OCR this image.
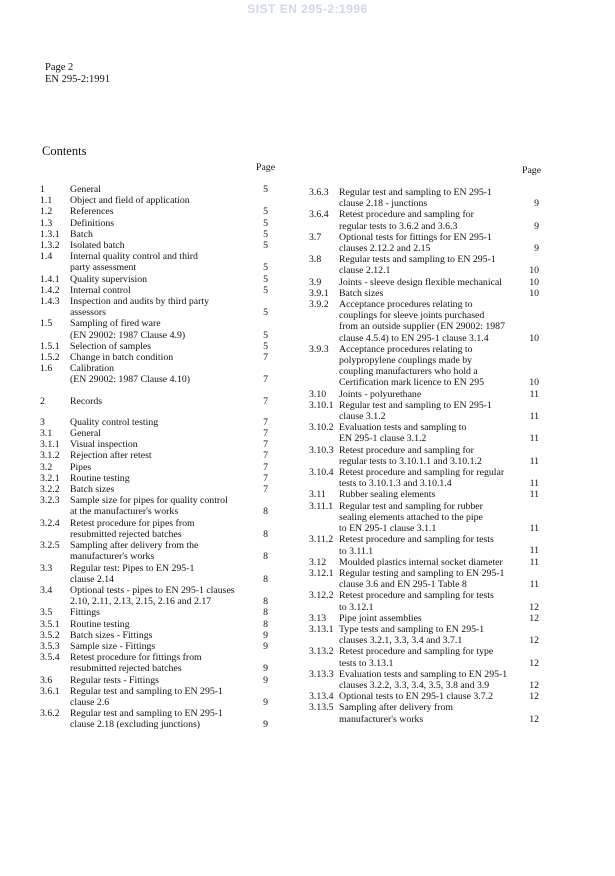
SIST EN 295-2:1996
Page 2
EN 295-2:1991
Contents
Page	Page
1	General	5
1.1	Object and field of application
1.2	References	5
1.3	Definitions	5
1.3.1	Batch	5
1.3.2	Isolated batch	5
1.4	Internal quality control and third
party assessment	5
1.4.1	Quality supervision	5
1.4.2	Internal control	5
1.4.3	Inspection and audits by third party
assessors	5
1.5	Sampling of fired ware
(EN 29002: 1987 Clause 4.9)	5
1.5.1	Selection of samples	5
1.5.2	Change in batch condition	7
1.6	Calibration
(EN 29002: 1987 Clause 4.10)	7
2	Records	7
3	Quality control testing	7
3.1	General	7
3.1.1	Visual inspection	7
3.1.2	Rejection after retest	7
3.2	Pipes	7
3.2.1	Routine testing	7
3.2.2	Batch sizes	7
3.2.3	Sample size for pipes for quality control
at the manufacturer's works	8
3.2.4	Retest procedure for pipes from
resubmitted rejected batches	8
3.2.5	Sampling after delivery from the
manufacturer's works	8
3.3	Regular test: Pipes to EN 295-1
clause 2.14	8
3.4	Optional tests - pipes to EN 295-1 clauses
2.10, 2.11, 2.13, 2.15, 2.16 and 2.17	8
3.5	Fittings	8
3.5.1	Routine testing	8
3.5.2	Batch sizes - Fittings	9
3.5.3	Sample size - Fittings	9
3.5.4	Retest procedure for fittings from
resubmitted rejected batches	9
3.6	Regular tests - Fittings	9
3.6.1	Regular test and sampling to EN 295-1
clause 2.6	9
3.6.2	Regular test and sampling to EN 295-1
clause 2.18 (excluding junctions)	9
3.6.3	Regular test and sampling to EN 295-1
clause 2.18 - junctions	9
3.6.4	Retest procedure and sampling for
regular tests to 3.6.2 and 3.6.3	9
3.7	Optional tests for fittings for EN 295-1
clauses 2.12.2 and 2.15	9
3.8	Regular tests and sampling to EN 295-1
clause 2.12.1	10
3.9	Joints - sleeve design flexible mechanical	10
3.9.1	Batch sizes	10
3.9.2	Acceptance procedures relating to
couplings for sleeve joints purchased
from an outside supplier (EN 29002: 1987
clause 4.5.4) to EN 295-1 clause 3.1.4	10
3.9.3	Acceptance procedures relating to
polypropylene couplings made by
coupling manufacturers who hold a
Certification mark licence to EN 295	10
3.10	Joints - polyurethane	11
3.10.1 Regular test and sampling to EN 295-1
clause 3.1.2	11
3.10.2 Evaluation tests and sampling to
EN 295-1 clause 3.1.2	11
3.10.3 Retest procedure and sampling for
regular tests to 3.10.1.1 and 3.10.1.2	11
3.10.4 Retest procedure and sampling for regular
tests to 3.10.1.3 and 3.10.1.4	11
3.11	Rubber sealing elements	11
3.11.1 Regular test and sampling for rubber
sealing elements attached to the pipe
to EN 295-1 clause 3.1.1	11
3.11.2 Retest procedure and sampling for tests
to 3.11.1	11
3.12	Moulded plastics internal socket diameter	11
3.12.1 Regular testing and sampling to EN 295-1
clause 3.6 and EN 295-1 Table 8	11
3.12.2 Retest procedure and sampling for tests
to 3.12.1	12
3.13	Pipe joint assemblies	12
3.13.1 Type tests and sampling to EN 295-1
clauses 3.2.1, 3.3, 3.4 and 3.7.1	12
3.13.2 Retest procedure and sampling for type
tests to 3.13.1	12
3.13.3 Evaluation tests and sampling to EN 295-1
clauses 3.2.2, 3.3, 3.4, 3.5, 3.8 and 3.9	12
3.13.4 Optional tests to EN 295-1 clause 3.7.2	12
3.13.5 Sampling after delivery from
manufacturer's works	12
